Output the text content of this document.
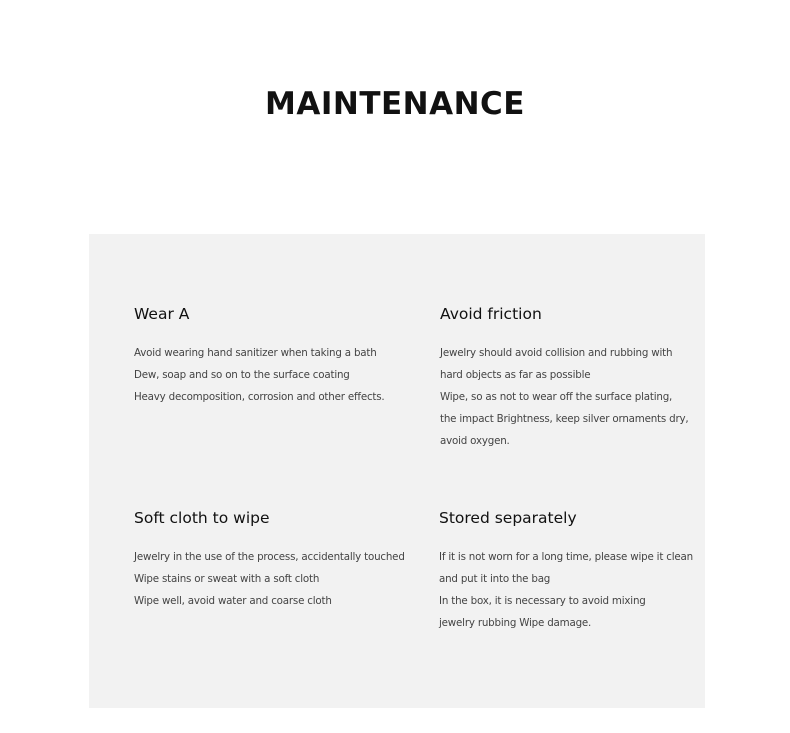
MAINTENANCE
Wear A
Avoid wearing hand sanitizer when taking a bath
Dew, soap and so on to the surface coating
Heavy decomposition, corrosion and other effects.
Avoid friction
Jewelry should avoid collision and rubbing with
hard objects as far as possible
Wipe, so as not to wear off the surface plating,
the impact Brightness, keep silver ornaments dry,
avoid oxygen.
Soft cloth to wipe
Jewelry in the use of the process, accidentally touched
Wipe stains or sweat with a soft cloth
Wipe well, avoid water and coarse cloth
Stored separately
If it is not worn for a long time, please wipe it clean
and put it into the bag
In the box, it is necessary to avoid mixing
jewelry rubbing Wipe damage.
